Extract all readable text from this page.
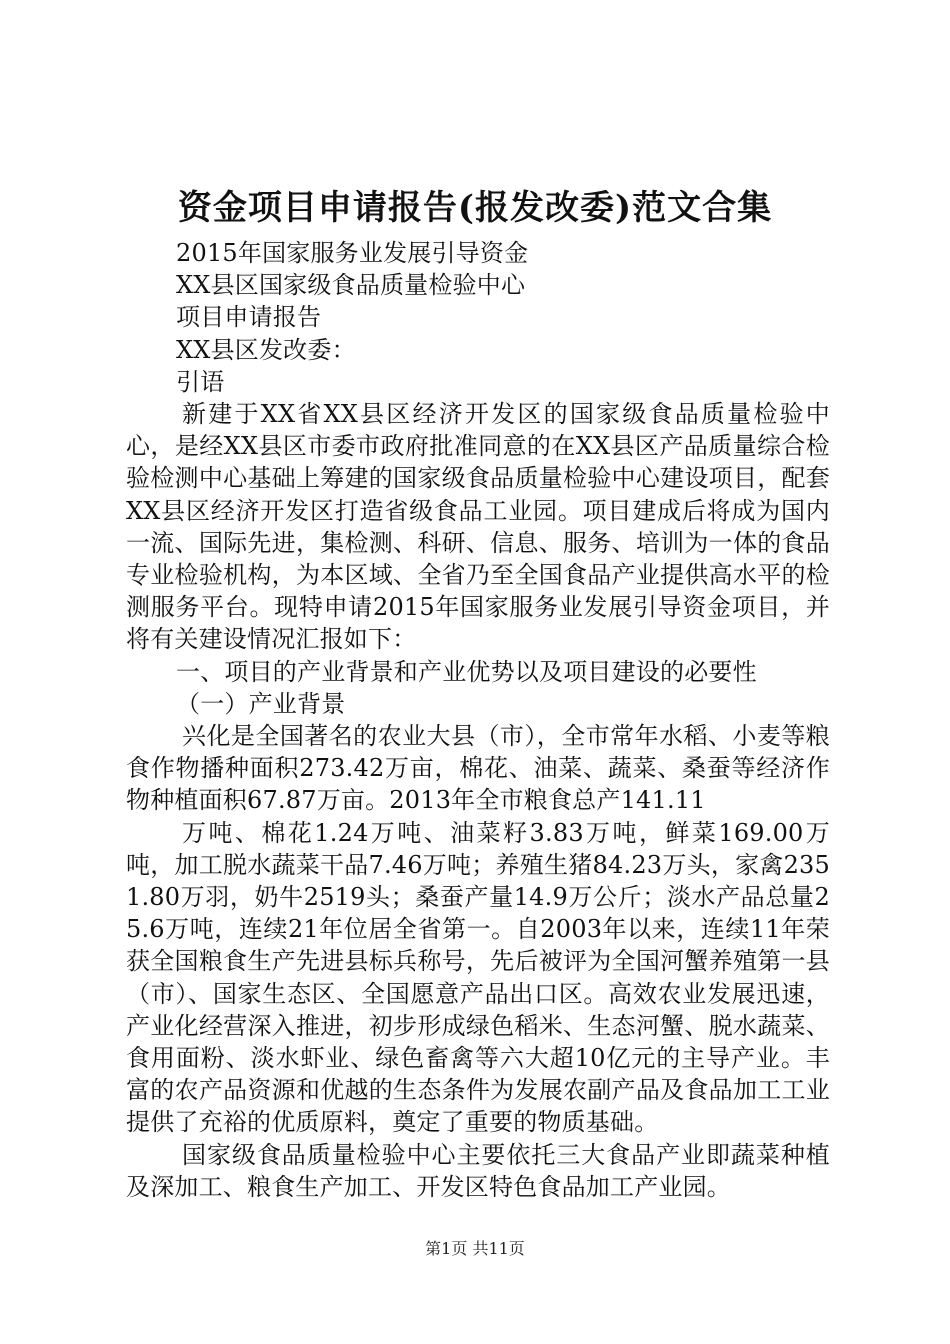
资金项目申请报告(报发改委)范文合集
2015年国家服务业发展引导资金
XX县区国家级食品质量检验中心
项目申请报告
XX县区发改委：
引语

新建于XX省XX县区经济开发区的国家级食品质量检验中心，是经XX县区市委市政府批准同意的在XX县区产品质量综合检验检测中心基础上筹建的国家级食品质量检验中心建设项目，配套XX县区经济开发区打造省级食品工业园。项目建成后将成为国内一流、国际先进，集检测、科研、信息、服务、培训为一体的食品专业检验机构，为本区域、全省乃至全国食品产业提供高水平的检测服务平台。现特申请2015年国家服务业发展引导资金项目，并将有关建设情况汇报如下：

一、项目的产业背景和产业优势以及项目建设的必要性
（一）产业背景

兴化是全国著名的农业大县（市），全市常年水稻、小麦等粮食作物播种面积273.42万亩，棉花、油菜、蔬菜、桑蚕等经济作物种植面积67.87万亩。2013年全市粮食总产141.11

万吨、棉花1.24万吨、油菜籽3.83万吨，鲜菜169.00万吨，加工脱水蔬菜干品7.46万吨；养殖生猪84.23万头，家禽2351.80万羽，奶牛2519头；桑蚕产量14.9万公斤；淡水产品总量25.6万吨，连续21年位居全省第一。自2003年以来，连续11年荣获全国粮食生产先进县标兵称号，先后被评为全国河蟹养殖第一县（市）、国家生态区、全国愿意产品出口区。高效农业发展迅速，产业化经营深入推进，初步形成绿色稻米、生态河蟹、脱水蔬菜、食用面粉、淡水虾业、绿色畜禽等六大超10亿元的主导产业。丰富的农产品资源和优越的生态条件为发展农副产品及食品加工工业提供了充裕的优质原料，奠定了重要的物质基础。

国家级食品质量检验中心主要依托三大食品产业即蔬菜种植及深加工、粮食生产加工、开发区特色食品加工产业园。

第1页 共11页
